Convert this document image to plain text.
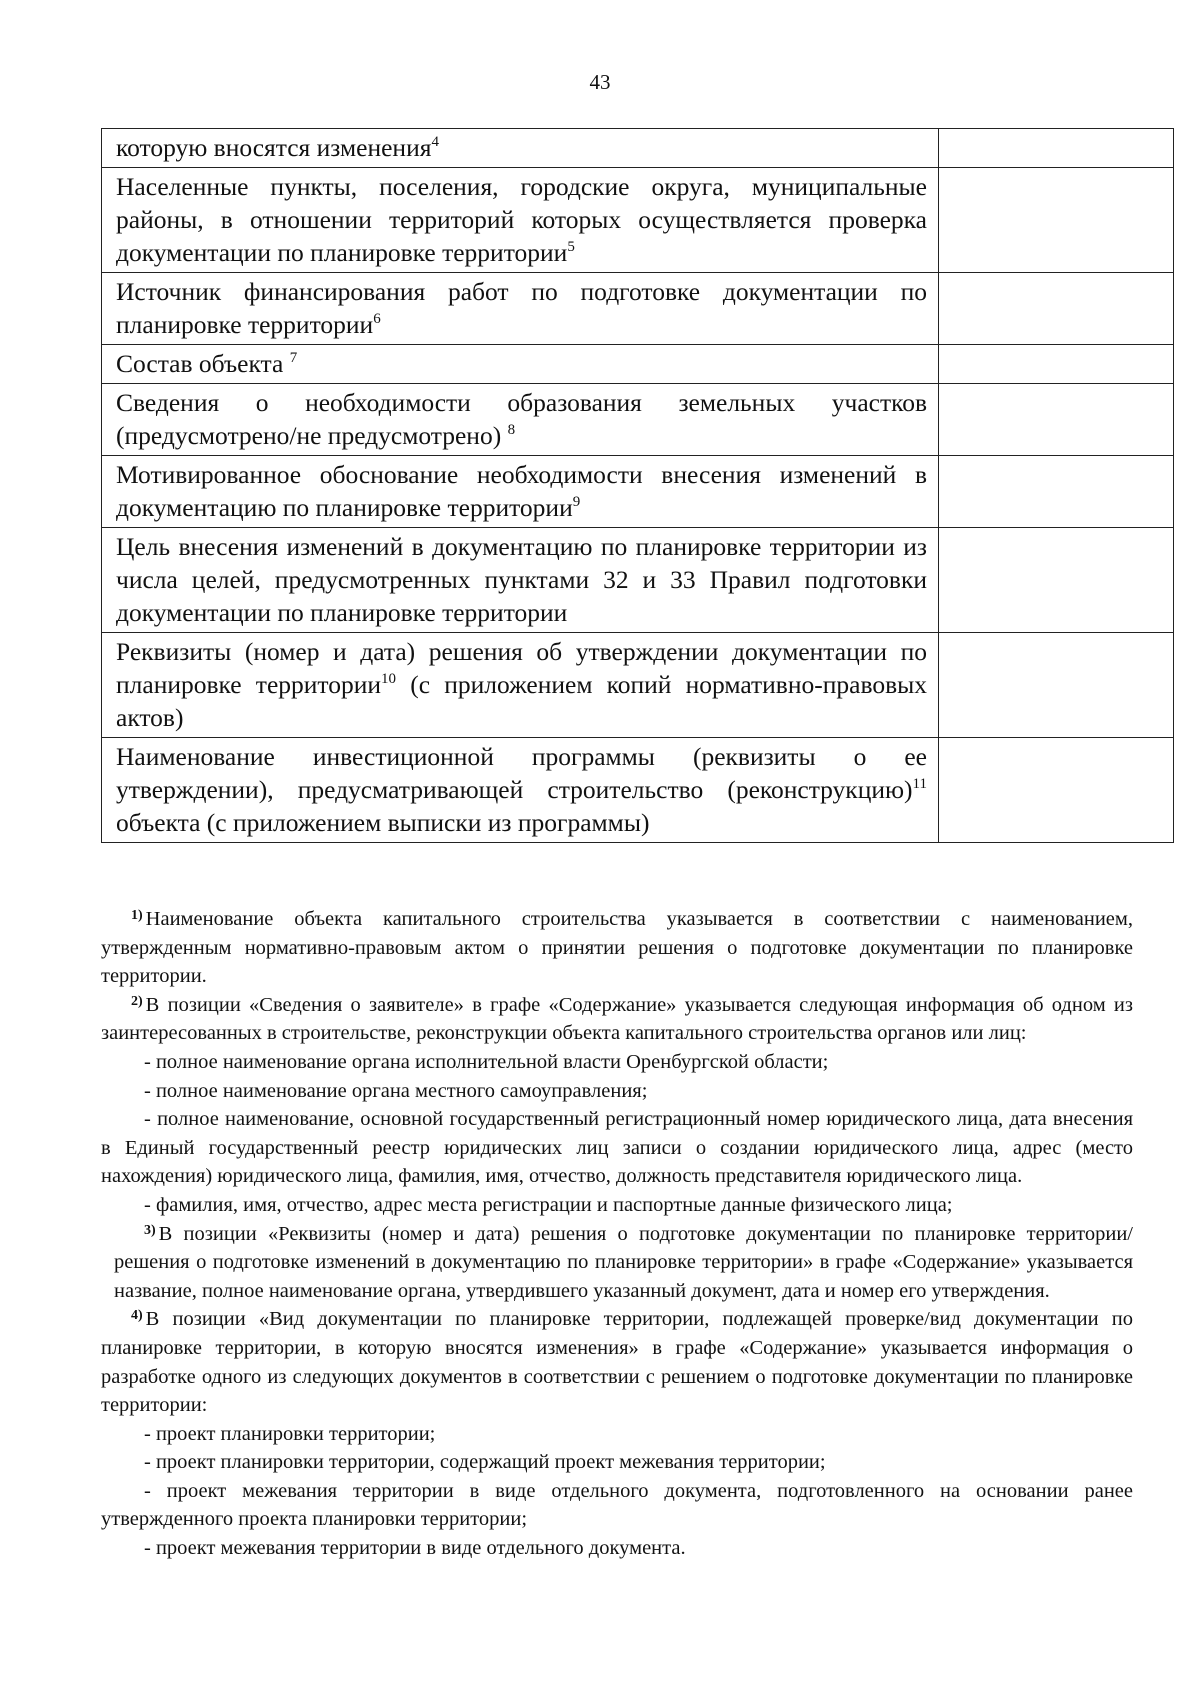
43
которую вносятся изменения$^4$	
Населенные пункты, поселения, городские округа, муниципальные районы, в отношении территорий которых осуществляется проверка документации по планировке территории$^5$	
Источник финансирования работ по подготовке документации по планировке территории$^6$	
Состав объекта $^7$	
Сведения о необходимости образования земельных участков (предусмотрено/не предусмотрено) $^8$	
Мотивированное обоснование необходимости внесения изменений в документацию по планировке территории$^9$	
Цель внесения изменений в документацию по планировке территории из числа целей, предусмотренных пунктами 32 и 33 Правил подготовки документации по планировке территории	
Реквизиты (номер и дата) решения об утверждении документации по планировке территории$^{10}$ (с приложением копий нормативно-правовых актов)	
Наименование инвестиционной программы (реквизиты о ее утверждении), предусматривающей строительство (реконструкцию)$^{11}$ объекта (с приложением выписки из программы)	

$^{1)}$ Наименование объекта капитального строительства указывается в соответствии с наименованием, утвержденным нормативно-правовым актом о принятии решения о подготовке документации по планировке территории.

$^{2)}$ В позиции «Сведения о заявителе» в графе «Содержание» указывается следующая информация об одном из заинтересованных в строительстве, реконструкции объекта капитального строительства органов или лиц:

- полное наименование органа исполнительной власти Оренбургской области;

- полное наименование органа местного самоуправления;

- полное наименование, основной государственный регистрационный номер юридического лица, дата внесения в Единый государственный реестр юридических лиц записи о создании юридического лица, адрес (место нахождения) юридического лица, фамилия, имя, отчество, должность представителя юридического лица.

- фамилия, имя, отчество, адрес места регистрации и паспортные данные физического лица;

$^{3)}$ В позиции «Реквизиты (номер и дата) решения о подготовке документации по планировке территории/ решения о подготовке изменений в документацию по планировке территории» в графе «Содержание» указывается название, полное наименование органа, утвердившего указанный документ, дата и номер его утверждения.

$^{4)}$ В позиции «Вид документации по планировке территории, подлежащей проверке/вид документации по планировке территории, в которую вносятся изменения» в графе «Содержание» указывается информация о разработке одного из следующих документов в соответствии с решением о подготовке документации по планировке территории:

- проект планировки территории;

- проект планировки территории, содержащий проект межевания территории;

- проект межевания территории в виде отдельного документа, подготовленного на основании ранее утвержденного проекта планировки территории;

- проект межевания территории в виде отдельного документа.
